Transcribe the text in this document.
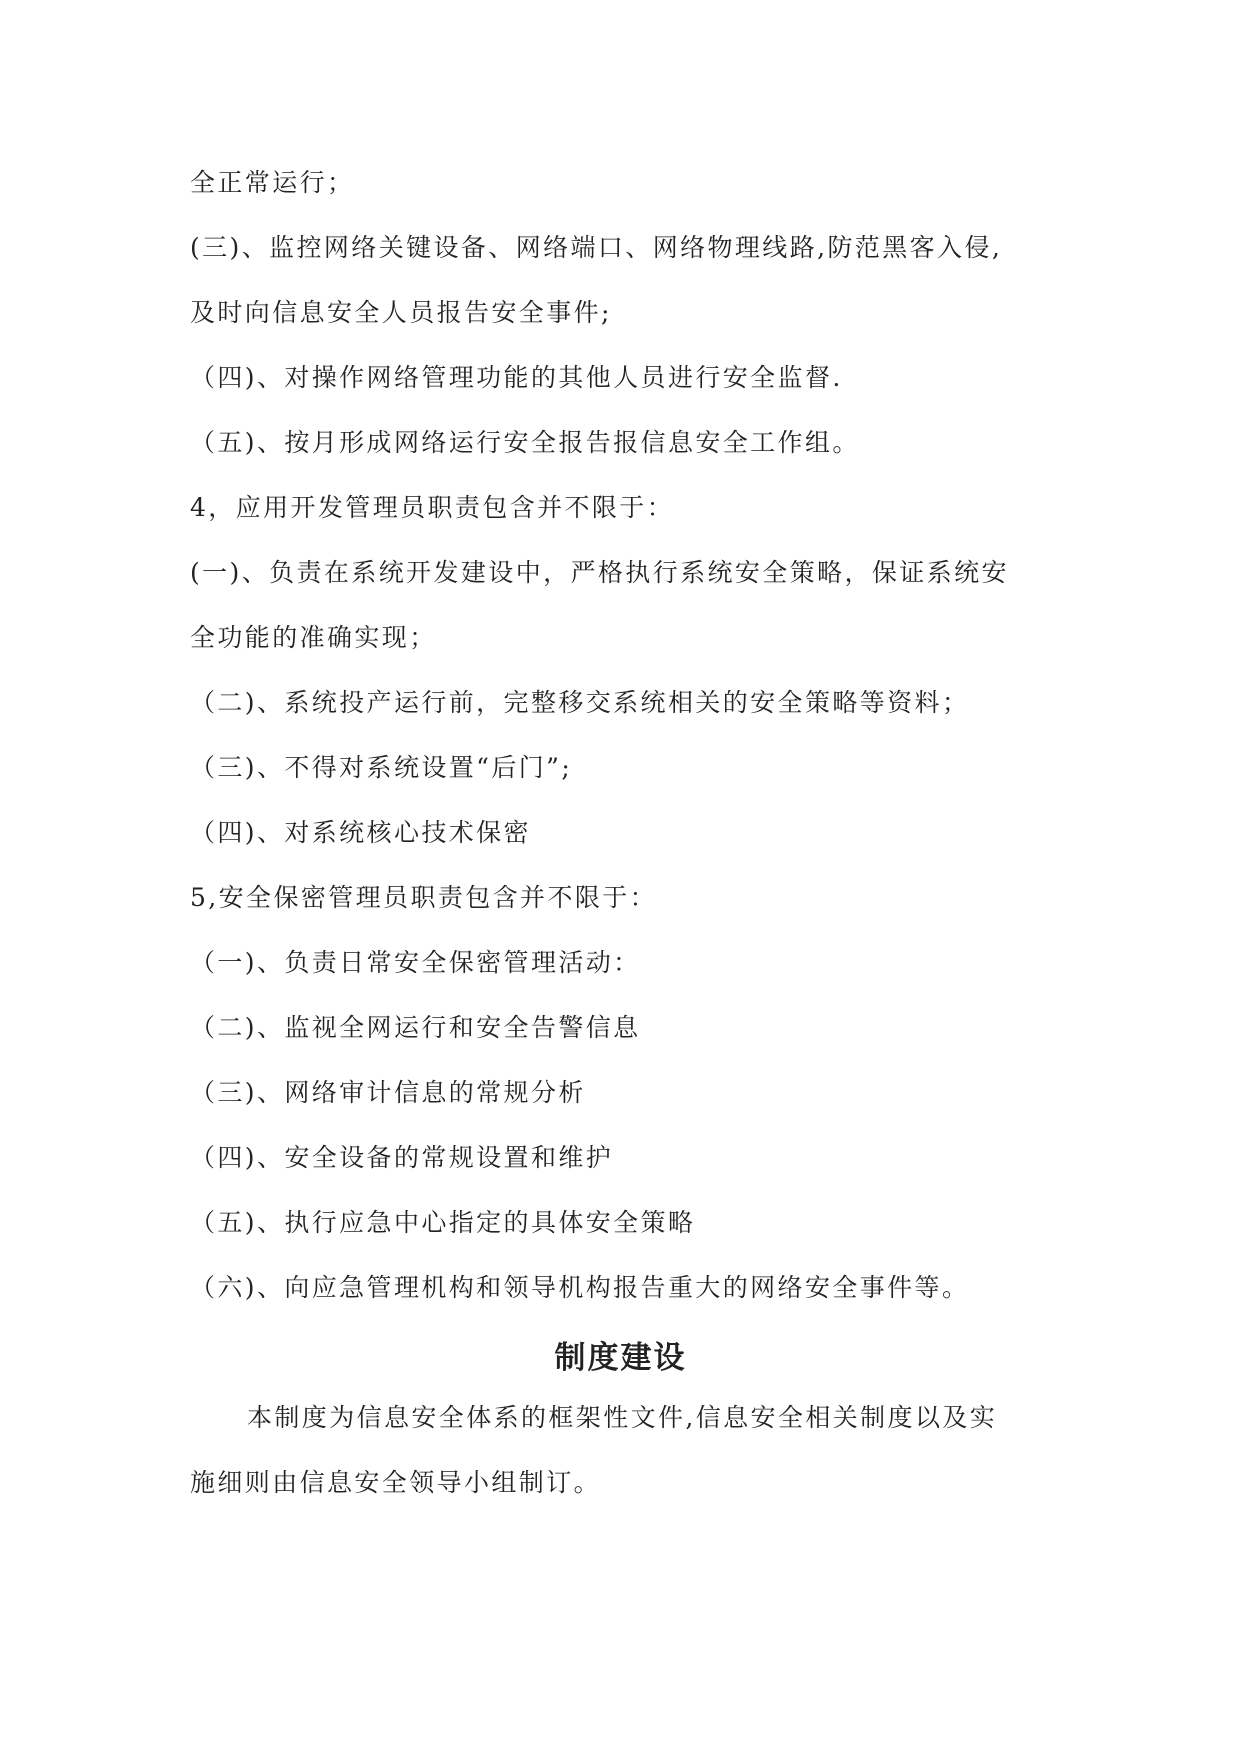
全正常运行；
(三)、监控网络关键设备、网络端口、网络物理线路,防范黑客入侵,
及时向信息安全人员报告安全事件;
（四)、对操作网络管理功能的其他人员进行安全监督.
（五)、按月形成网络运行安全报告报信息安全工作组。
4，应用开发管理员职责包含并不限于：
(一)、负责在系统开发建设中，严格执行系统安全策略，保证系统安
全功能的准确实现；
（二)、系统投产运行前，完整移交系统相关的安全策略等资料；
（三)、不得对系统设置“后门”;
（四)、对系统核心技术保密
5,安全保密管理员职责包含并不限于：
（一)、负责日常安全保密管理活动：
（二)、监视全网运行和安全告警信息
（三)、网络审计信息的常规分析
（四)、安全设备的常规设置和维护
（五)、执行应急中心指定的具体安全策略
（六)、向应急管理机构和领导机构报告重大的网络安全事件等。
制度建设
本制度为信息安全体系的框架性文件,信息安全相关制度以及实
施细则由信息安全领导小组制订。
